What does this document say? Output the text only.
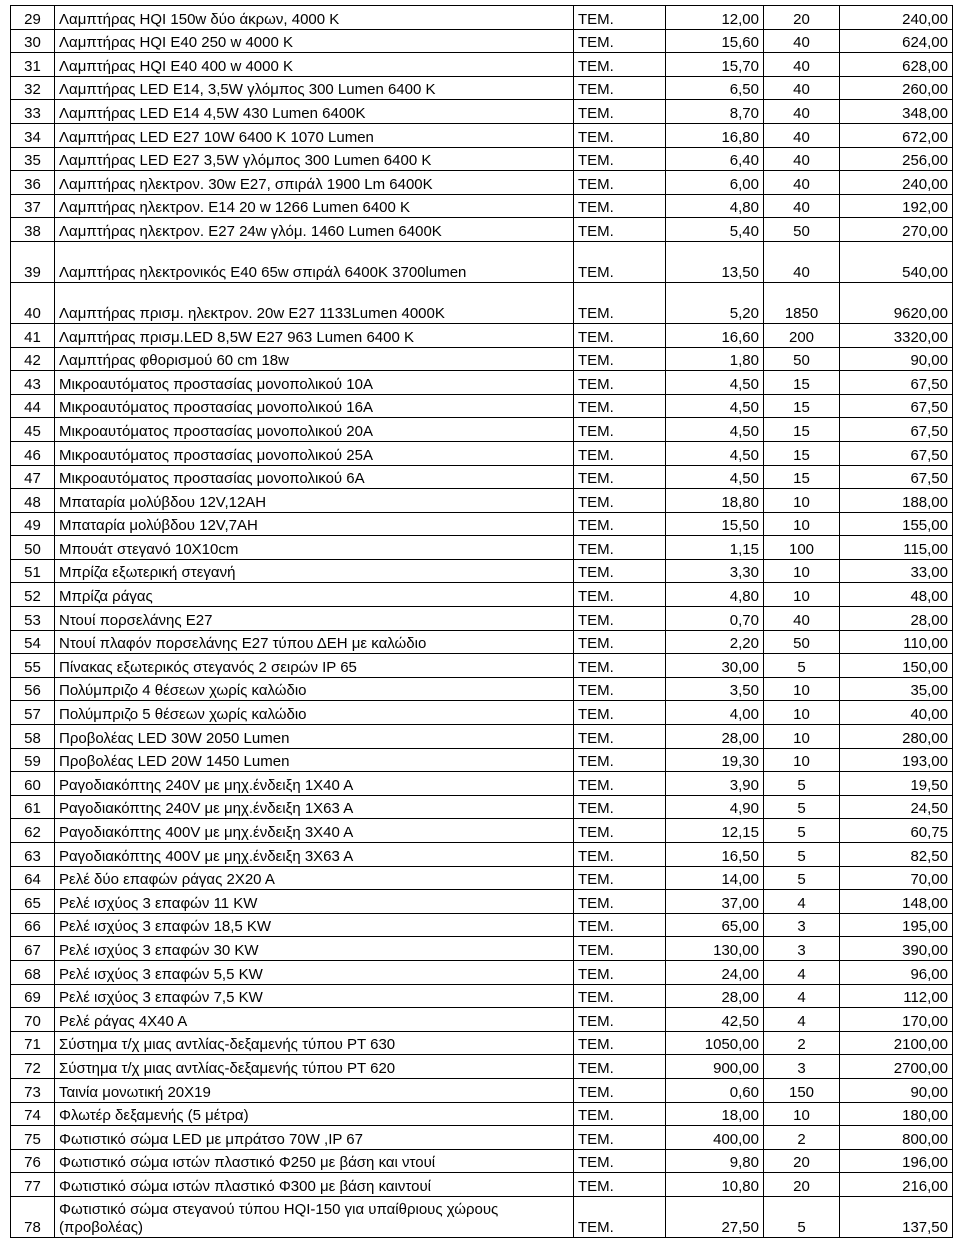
29	Λαμπτήρας HQI 150w δύο άκρων, 4000 K	ΤΕΜ.	12,00	20	240,00
30	Λαμπτήρας HQI E40 250 w 4000 K	ΤΕΜ.	15,60	40	624,00
31	Λαμπτήρας HQI E40 400 w 4000 K	ΤΕΜ.	15,70	40	628,00
32	Λαμπτήρας LED E14, 3,5W γλόμπος 300 Lumen 6400 K	ΤΕΜ.	6,50	40	260,00
33	Λαμπτήρας LED E14 4,5W 430 Lumen 6400K	ΤΕΜ.	8,70	40	348,00
34	Λαμπτήρας LED E27 10W 6400 K 1070 Lumen	ΤΕΜ.	16,80	40	672,00
35	Λαμπτήρας LED E27 3,5W γλόμπος 300 Lumen 6400 K	ΤΕΜ.	6,40	40	256,00
36	Λαμπτήρας ηλεκτρον. 30w E27, σπιράλ 1900 Lm 6400K	ΤΕΜ.	6,00	40	240,00
37	Λαμπτήρας ηλεκτρον. E14 20 w 1266 Lumen 6400 K	ΤΕΜ.	4,80	40	192,00
38	Λαμπτήρας ηλεκτρον. E27 24w γλόμ. 1460 Lumen 6400K	ΤΕΜ.	5,40	50	270,00
39	Λαμπτήρας ηλεκτρονικός E40 65w σπιράλ 6400K 3700lumen	ΤΕΜ.	13,50	40	540,00
40	Λαμπτήρας πρισμ. ηλεκτρον. 20w E27 1133Lumen 4000K	ΤΕΜ.	5,20	1850	9620,00
41	Λαμπτήρας πρισμ.LED 8,5W E27 963 Lumen 6400 K	ΤΕΜ.	16,60	200	3320,00
42	Λαμπτήρας φθορισμού 60 cm 18w	ΤΕΜ.	1,80	50	90,00
43	Μικροαυτόματος προστασίας μονοπολικού 10Α	ΤΕΜ.	4,50	15	67,50
44	Μικροαυτόματος προστασίας μονοπολικού 16Α	ΤΕΜ.	4,50	15	67,50
45	Μικροαυτόματος προστασίας μονοπολικού 20Α	ΤΕΜ.	4,50	15	67,50
46	Μικροαυτόματος προστασίας μονοπολικού 25Α	ΤΕΜ.	4,50	15	67,50
47	Μικροαυτόματος προστασίας μονοπολικού 6Α	ΤΕΜ.	4,50	15	67,50
48	Μπαταρία μολύβδου 12V,12AH	ΤΕΜ.	18,80	10	188,00
49	Μπαταρία μολύβδου 12V,7AH	ΤΕΜ.	15,50	10	155,00
50	Μπουάτ στεγανό 10Χ10cm	ΤΕΜ.	1,15	100	115,00
51	Μπρίζα εξωτερική στεγανή	ΤΕΜ.	3,30	10	33,00
52	Μπρίζα ράγας	ΤΕΜ.	4,80	10	48,00
53	Ντουί πορσελάνης Ε27	ΤΕΜ.	0,70	40	28,00
54	Ντουί πλαφόν πορσελάνης Ε27 τύπου ΔΕΗ με καλώδιο	ΤΕΜ.	2,20	50	110,00
55	Πίνακας εξωτερικός στεγανός 2 σειρών IP 65	ΤΕΜ.	30,00	5	150,00
56	Πολύμπριζο 4 θέσεων χωρίς καλώδιο	ΤΕΜ.	3,50	10	35,00
57	Πολύμπριζο 5 θέσεων χωρίς καλώδιο	ΤΕΜ.	4,00	10	40,00
58	Προβολέας LED 30W 2050 Lumen	ΤΕΜ.	28,00	10	280,00
59	Προβολέας LED 20W 1450 Lumen	ΤΕΜ.	19,30	10	193,00
60	Ραγοδιακόπτης 240V με μηχ.ένδειξη 1Χ40 Α	ΤΕΜ.	3,90	5	19,50
61	Ραγοδιακόπτης 240V με μηχ.ένδειξη 1Χ63 Α	ΤΕΜ.	4,90	5	24,50
62	Ραγοδιακόπτης 400V με μηχ.ένδειξη 3Χ40 Α	ΤΕΜ.	12,15	5	60,75
63	Ραγοδιακόπτης 400V με μηχ.ένδειξη 3Χ63 Α	ΤΕΜ.	16,50	5	82,50
64	Ρελέ δύο επαφών ράγας 2Χ20 Α	ΤΕΜ.	14,00	5	70,00
65	Ρελέ ισχύος 3 επαφών 11 KW	ΤΕΜ.	37,00	4	148,00
66	Ρελέ ισχύος 3 επαφών 18,5 KW	ΤΕΜ.	65,00	3	195,00
67	Ρελέ ισχύος 3 επαφών 30 KW	ΤΕΜ.	130,00	3	390,00
68	Ρελέ ισχύος 3 επαφών 5,5 KW	ΤΕΜ.	24,00	4	96,00
69	Ρελέ ισχύος 3 επαφών 7,5 KW	ΤΕΜ.	28,00	4	112,00
70	Ρελέ ράγας 4Χ40 Α	ΤΕΜ.	42,50	4	170,00
71	Σύστημα τ/χ μιας αντλίας-δεξαμενής τύπου PT 630	ΤΕΜ.	1050,00	2	2100,00
72	Σύστημα τ/χ μιας αντλίας-δεξαμενής τύπου PT 620	ΤΕΜ.	900,00	3	2700,00
73	Ταινία μονωτική 20Χ19	ΤΕΜ.	0,60	150	90,00
74	Φλωτέρ δεξαμενής (5 μέτρα)	ΤΕΜ.	18,00	10	180,00
75	Φωτιστικό σώμα LED με μπράτσο 70W ,IP 67	ΤΕΜ.	400,00	2	800,00
76	Φωτιστικό σώμα ιστών πλαστικό Φ250 με βάση και ντουί	ΤΕΜ.	9,80	20	196,00
77	Φωτιστικό σώμα ιστών πλαστικό Φ300 με βάση καιντουί	ΤΕΜ.	10,80	20	216,00
78	Φωτιστικό σώμα στεγανού τύπου HQI-150 για υπαίθριους χώρους (προβολέας)	ΤΕΜ.	27,50	5	137,50
